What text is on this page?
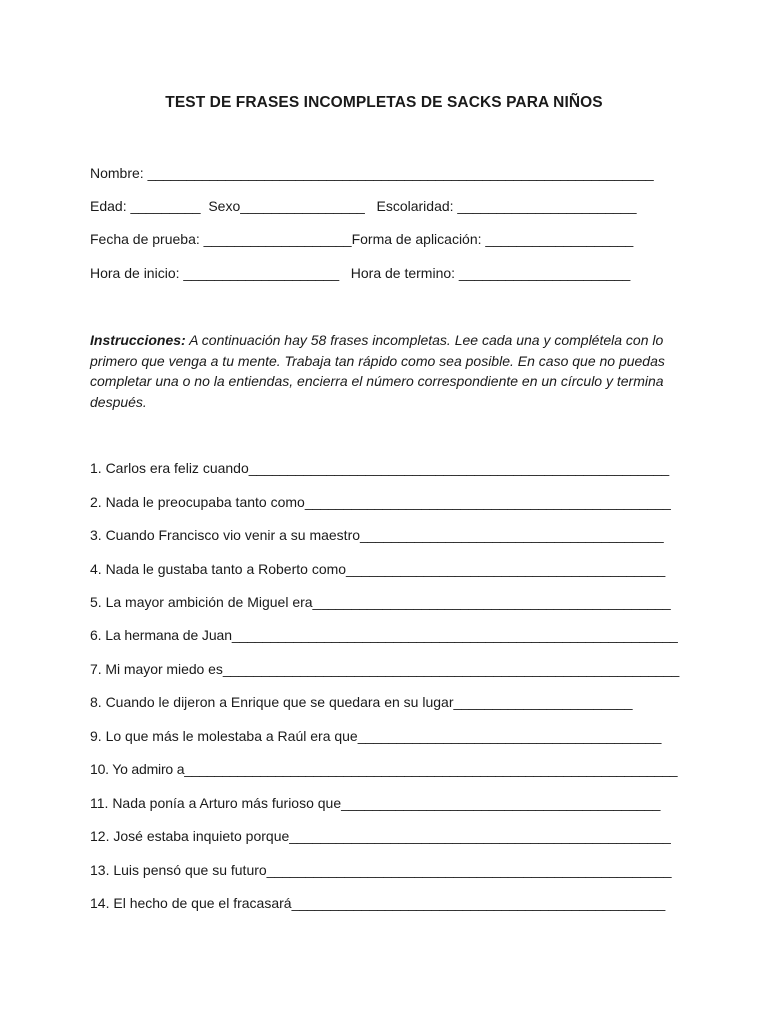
TEST DE FRASES INCOMPLETAS DE SACKS PARA NIÑOS
Nombre: _________________________________________________________________
Edad: _________  Sexo________________   Escolaridad: _______________________
Fecha de prueba: ___________________Forma de aplicación: ___________________
Hora de inicio: ____________________   Hora de termino: ______________________
Instrucciones: A continuación hay 58 frases incompletas. Lee cada una y complétela con lo primero que venga a tu mente. Trabaja tan rápido como sea posible. En caso que no puedas completar una o no la entiendas, encierra el número correspondiente en un círculo y termina después.
1. Carlos era feliz cuando______________________________________________________
2. Nada le preocupaba tanto como_______________________________________________
3. Cuando Francisco vio venir a su maestro_______________________________________
4. Nada le gustaba tanto a Roberto como_________________________________________
5. La mayor ambición de Miguel era______________________________________________
6. La hermana de Juan__________________________________________________________
7. Mi mayor miedo es___________________________________________________________
8. Cuando le dijeron a Enrique que se quedara en su lugar_______________________
9. Lo que más le molestaba a Raúl era que_______________________________________
10. Yo admiro a_________________________________________________________________
11. Nada ponía a Arturo más furioso que_________________________________________
12. José estaba inquieto porque_________________________________________________
13. Luis pensó que su futuro____________________________________________________
14. El hecho de que el fracasará________________________________________________
